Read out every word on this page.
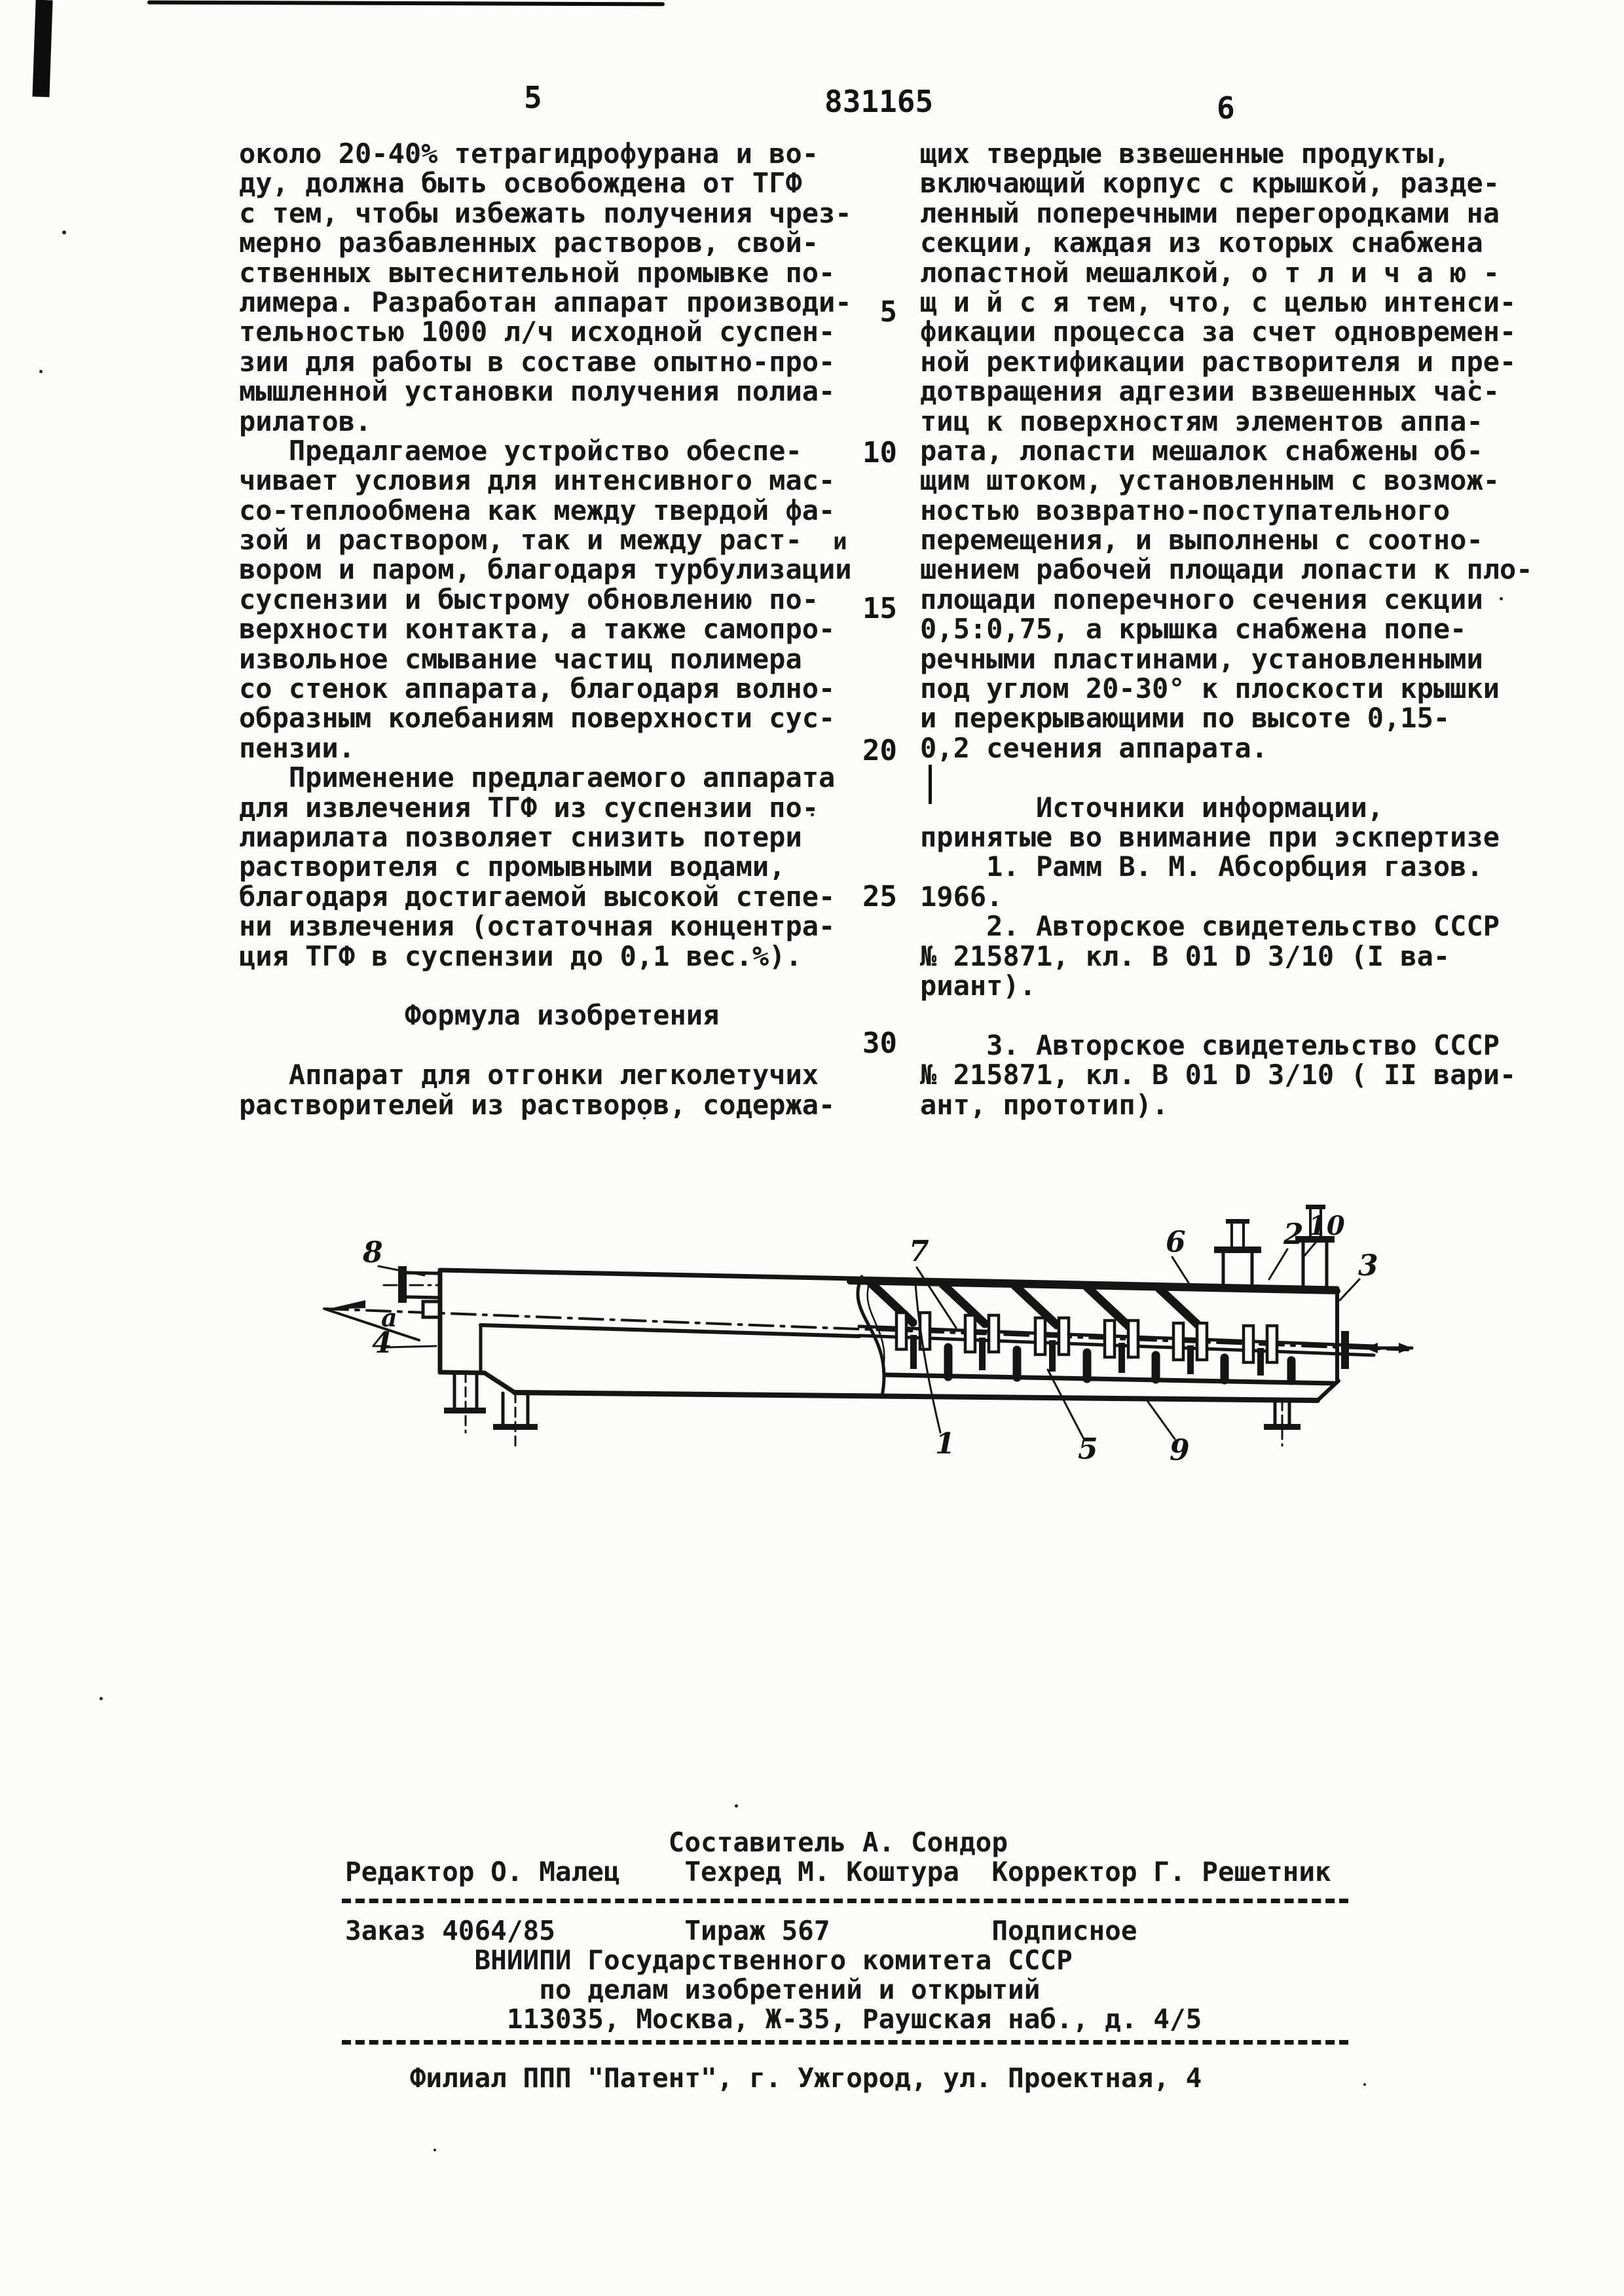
5	831165	6
около 20-40% тетрагидрофурана и во-
ду, должна быть освобождена от ТГФ
с тем, чтобы избежать получения чрез-
мерно разбавленных растворов, свой-
ственных вытеснительной промывке по-
лимера. Разработан аппарат производи-
тельностью 1000 л/ч исходной суспен-
зии для работы в составе опытно-про-
мышленной установки получения полиа-
рилатов.
Предалгаемое устройство обеспе-
чивает условия для интенсивного мас-
со-теплообмена как между твердой фа-
зой и раствором, так и между раст-
вором и паром, благодаря турбулизации
суспензии и быстрому обновлению по-
верхности контакта, а также самопро-
извольное смывание частиц полимера
со стенок аппарата, благодаря волно-
образным колебаниям поверхности сус-
пензии.
Применение предлагаемого аппарата
для извлечения ТГФ из суспензии по-
лиарилата позволяет снизить потери
растворителя с промывными водами,
благодаря достигаемой высокой степе-
ни извлечения (остаточная концентра-
ция ТГФ в суспензии до 0,1 вес.%).

Формула изобретения

Аппарат для отгонки легколетучих
растворителей из растворов, содержа-
щих твердые взвешенные продукты,
включающий корпус с крышкой, разде-
ленный поперечными перегородками на
секции, каждая из которых снабжена
лопастной мешалкой, о т л и ч а ю -
щ и й с я тем, что, с целью интенси-
фикации процесса за счет одновремен-
ной ректификации растворителя и пре-
дотвращения адгезии взвешенных час-
тиц к поверхностям элементов аппа-
рата, лопасти мешалок снабжены об-
щим штоком, установленным с возмож-
ностью возвратно-поступательного
перемещения, и выполнены с соотно-
шением рабочей площади лопасти к пло-
площади поперечного сечения секции
0,5:0,75, а крышка снабжена попе-
речными пластинами, установленными
под углом 20-30° к плоскости крышки
и перекрывающими по высоте 0,15-
0,2 сечения аппарата.

Источники информации,
принятые во внимание при эскпертизе
1. Рамм В. М. Абсорбция газов.
1966.
2. Авторское свидетельство СССР
№ 215871, кл. B 01 D 3/10 (I ва-
риант).

3. Авторское свидетельство СССР
№ 215871, кл. B 01 D 3/10 ( II вари-
ант, прототип).
5
10
15
20
25
30
и
8
a
4
7
1	5 9
6	2 10
3
Составитель А. Сондор
Редактор О. Малец    Техред М. Коштура  Корректор Г. Решетник

Заказ 4064/85        Тираж 567          Подписное
ВНИИПИ Государственного комитета СССР
по делам изобретений и открытий
113035, Москва, Ж-35, Раушская наб., д. 4/5

Филиал ППП "Патент", г. Ужгород, ул. Проектная, 4
